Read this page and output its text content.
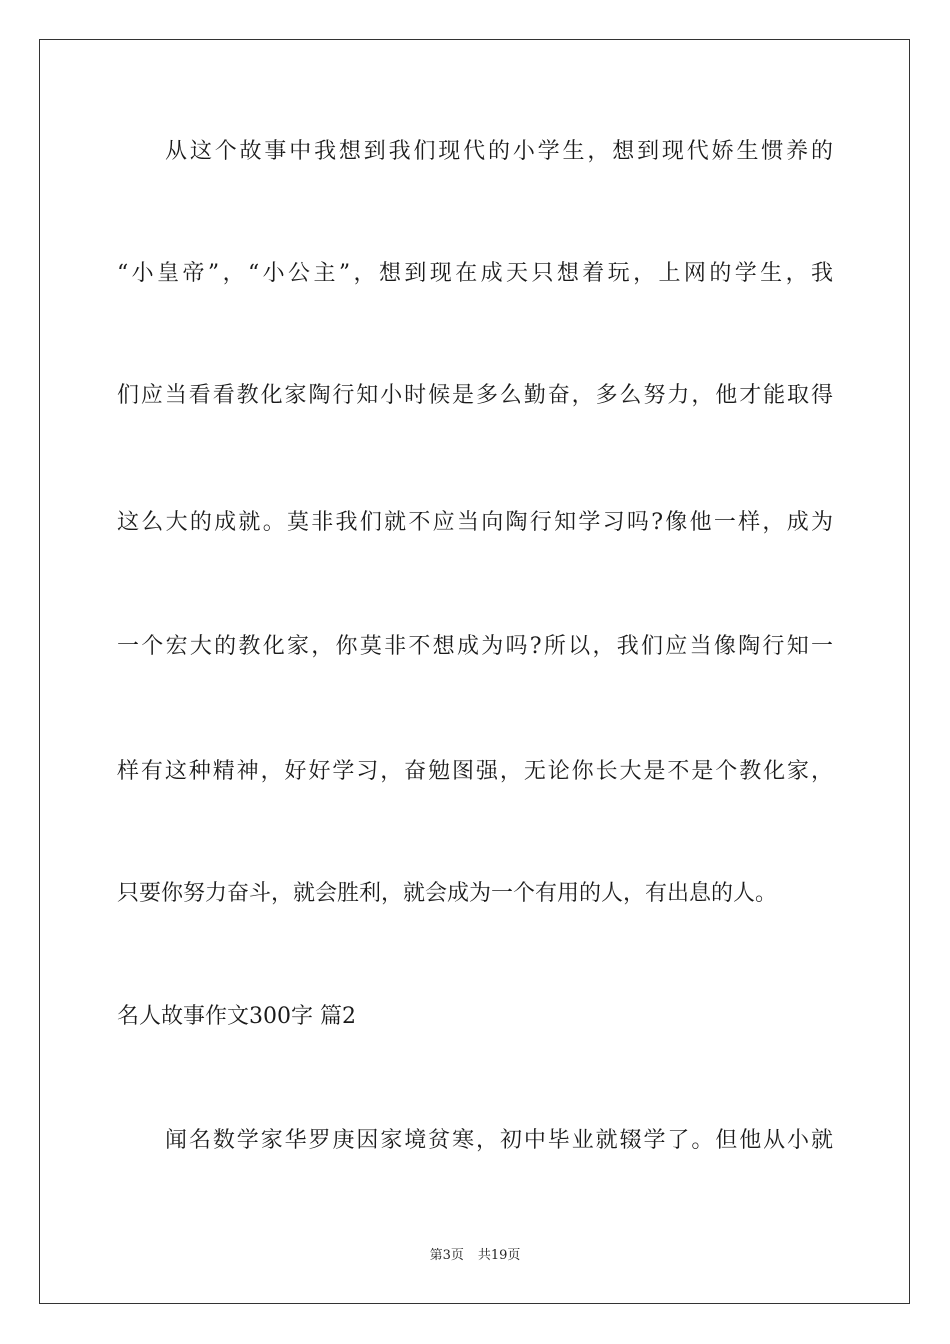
从这个故事中我想到我们现代的小学生，想到现代娇生惯养的
“小皇帝”，“小公主”，想到现在成天只想着玩，上网的学生，我
们应当看看教化家陶行知小时候是多么勤奋，多么努力，他才能取得
这么大的成就。莫非我们就不应当向陶行知学习吗?像他一样，成为
一个宏大的教化家，你莫非不想成为吗?所以，我们应当像陶行知一
样有这种精神，好好学习，奋勉图强，无论你长大是不是个教化家，
只要你努力奋斗，就会胜利，就会成为一个有用的人，有出息的人。
名人故事作文300字 篇2
闻名数学家华罗庚因家境贫寒，初中毕业就辍学了。但他从小就
第3页 共19页
